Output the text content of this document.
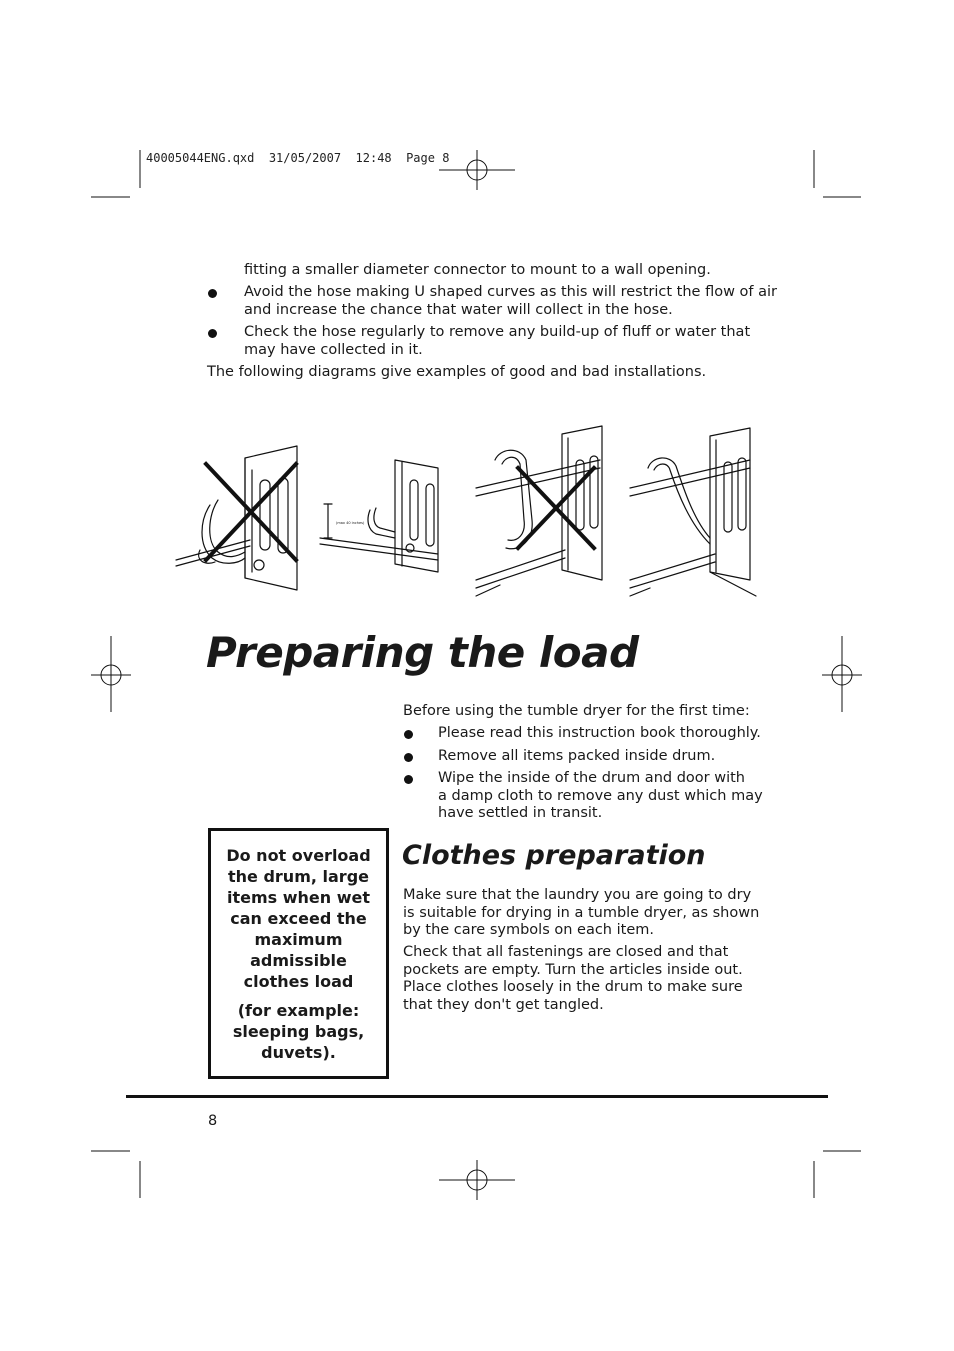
40005044ENG.qxd  31/05/2007  12:48  Page 8
fitting a smaller diameter connector to mount to a wall opening.
Avoid the hose making U shaped curves as this will restrict the flow of air
and increase the chance that water will collect in the hose.
Check the hose regularly to remove any build-up of fluff or water that
may have collected in it.
The following diagrams give examples of good and bad installations.
(max 40 inches)
Preparing the load
Before using the tumble dryer for the first time:
Please read this instruction book thoroughly.
Remove all items packed inside drum.
Wipe the inside of the drum and door with
a damp cloth to remove any dust which may
have settled in transit.
Do not overload the drum, large items when wet can exceed the maximum admissible clothes load
(for example: sleeping bags, duvets).
Clothes preparation
Make sure that the laundry you are going to dry
is suitable for drying in a tumble dryer, as shown
by the care symbols on each item.
Check that all fastenings are closed and that
pockets are empty. Turn the articles inside out.
Place clothes loosely in the drum to make sure
that they don't get tangled.
8
